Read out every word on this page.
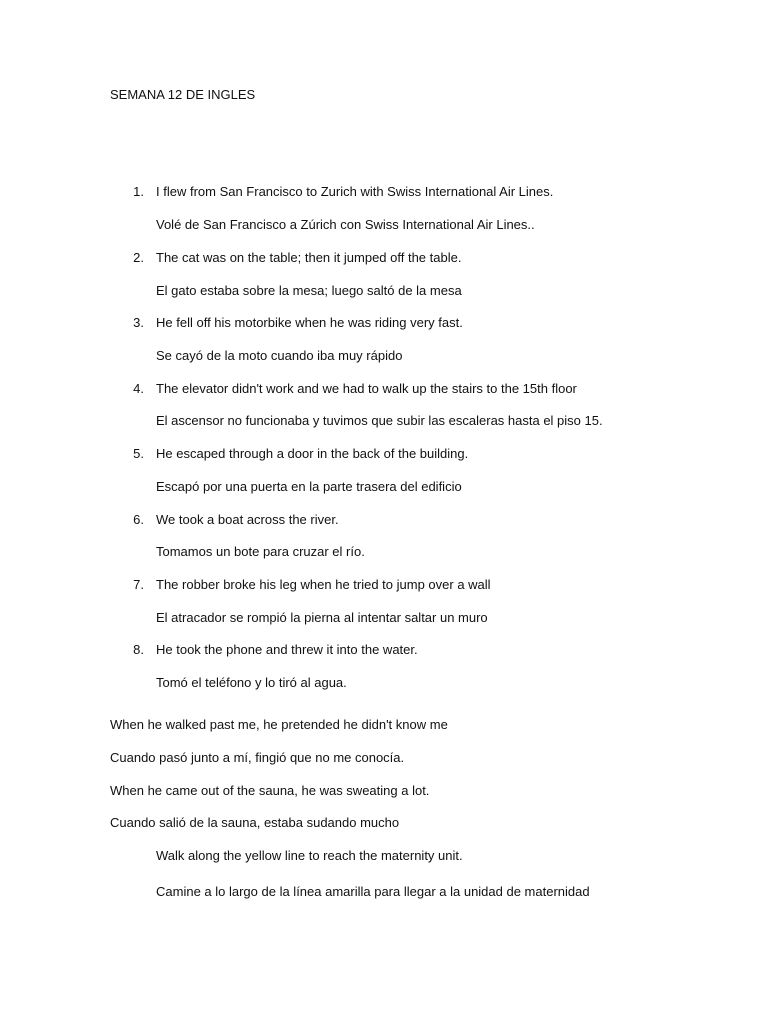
SEMANA 12 DE INGLES
1. I flew from San Francisco to Zurich with Swiss International Air Lines.
Volé de San Francisco a Zúrich con Swiss International Air Lines..
2. The cat was on the table; then it jumped off the table.
El gato estaba sobre la mesa; luego saltó de la mesa
3. He fell off his motorbike when he was riding very fast.
Se cayó de la moto cuando iba muy rápido
4. The elevator didn't work and we had to walk up the stairs to the 15th floor
El ascensor no funcionaba y tuvimos que subir las escaleras hasta el piso 15.
5. He escaped through a door in the back of the building.
Escapó por una puerta en la parte trasera del edificio
6. We took a boat across the river.
Tomamos un bote para cruzar el río.
7. The robber broke his leg when he tried to jump over a wall
El atracador se rompió la pierna al intentar saltar un muro
8. He took the phone and threw it into the water.
Tomó el teléfono y lo tiró al agua.
When he walked past me, he pretended he didn't know me
Cuando pasó junto a mí, fingió que no me conocía.
When he came out of the sauna, he was sweating a lot.
Cuando salió de la sauna, estaba sudando mucho
Walk along the yellow line to reach the maternity unit.
Camine a lo largo de la línea amarilla para llegar a la unidad de maternidad
